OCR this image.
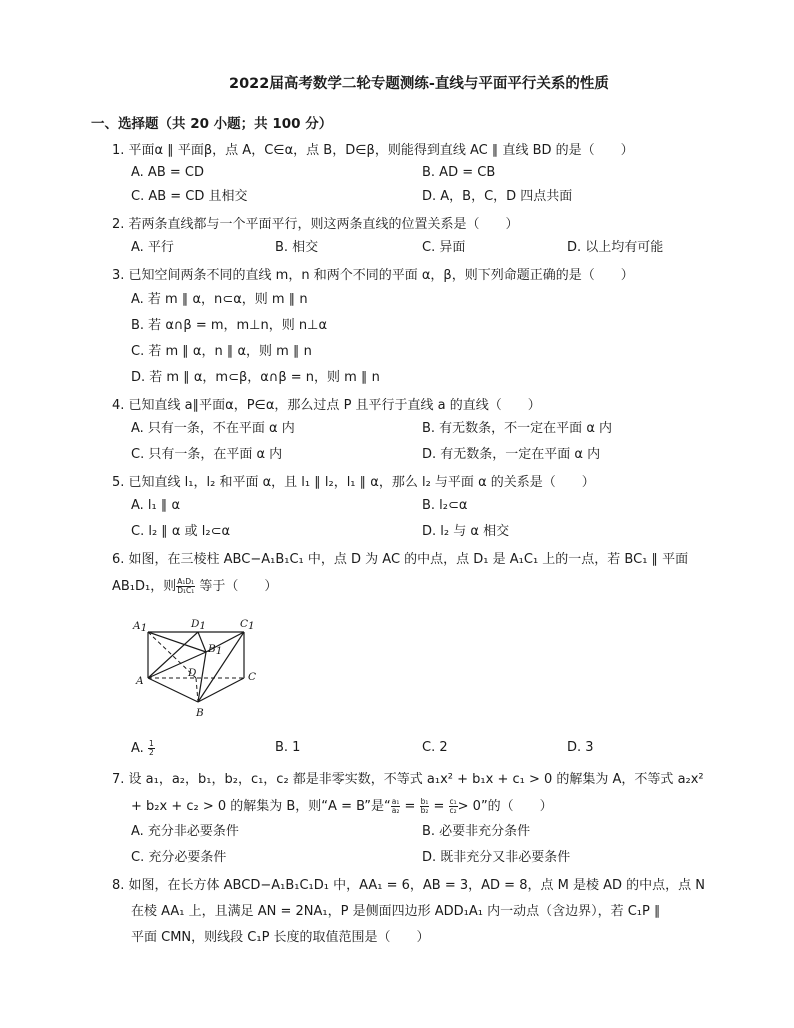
2022届高考数学二轮专题测练-直线与平面平行关系的性质
一、选择题（共 20 小题；共 100 分）
1. 平面α ∥ 平面β，点 A，C∈α，点 B，D∈β，则能得到直线 AC ∥ 直线 BD 的是（　　）
A. AB = CD	B. AD = CB
C. AB = CD 且相交	D. A，B，C，D 四点共面
2. 若两条直线都与一个平面平行，则这两条直线的位置关系是（　　）
A. 平行	B. 相交	C. 异面	D. 以上均有可能
3. 已知空间两条不同的直线 m，n 和两个不同的平面 α，β，则下列命题正确的是（　　）
A. 若 m ∥ α，n⊂α，则 m ∥ n
B. 若 α∩β = m，m⊥n，则 n⊥α
C. 若 m ∥ α，n ∥ α，则 m ∥ n
D. 若 m ∥ α，m⊂β，α∩β = n，则 m ∥ n
4. 已知直线 a∥平面α，P∈α，那么过点 P 且平行于直线 a 的直线（　　）
A. 只有一条，不在平面 α 内	B. 有无数条，不一定在平面 α 内
C. 只有一条，在平面 α 内	D. 有无数条，一定在平面 α 内
5. 已知直线 l₁，l₂ 和平面 α，且 l₁ ∥ l₂，l₁ ∥ α，那么 l₂ 与平面 α 的关系是（　　）
A. l₁ ∥ α	B. l₂⊂α
C. l₂ ∥ α 或 l₂⊂α	D. l₂ 与 α 相交
6. 如图，在三棱柱 ABC−A₁B₁C₁ 中，点 D 为 AC 的中点，点 D₁ 是 A₁C₁ 上的一点，若 BC₁ ∥ 平面
AB₁D₁，则 $\frac{\text{A₁D₁}}{\text{D₁C₁}}$ 等于（　　）
A1	D1	C1
B1
A
D	C
B
A. $\frac{1}{2}$	B. 1	C. 2	D. 3
7. 设 a₁，a₂，b₁，b₂，c₁，c₂ 都是非零实数，不等式 a₁x² + b₁x + c₁ > 0 的解集为 A，不等式 a₂x²
+ b₂x + c₂ > 0 的解集为 B，则“A = B”是“ $\frac{\text{a₁}}{\text{a₂}} = \frac{\text{b₁}}{\text{b₂}} = \frac{\text{c₁}}{\text{c₂}} > 0$”的（　　）
A. 充分非必要条件	B. 必要非充分条件
C. 充分必要条件	D. 既非充分又非必要条件
8. 如图，在长方体 ABCD−A₁B₁C₁D₁ 中，AA₁ = 6，AB = 3，AD = 8，点 M 是棱 AD 的中点，点 N
在棱 AA₁ 上，且满足 AN = 2NA₁，P 是侧面四边形 ADD₁A₁ 内一动点（含边界），若 C₁P ∥
平面 CMN，则线段 C₁P 长度的取值范围是（　　）
